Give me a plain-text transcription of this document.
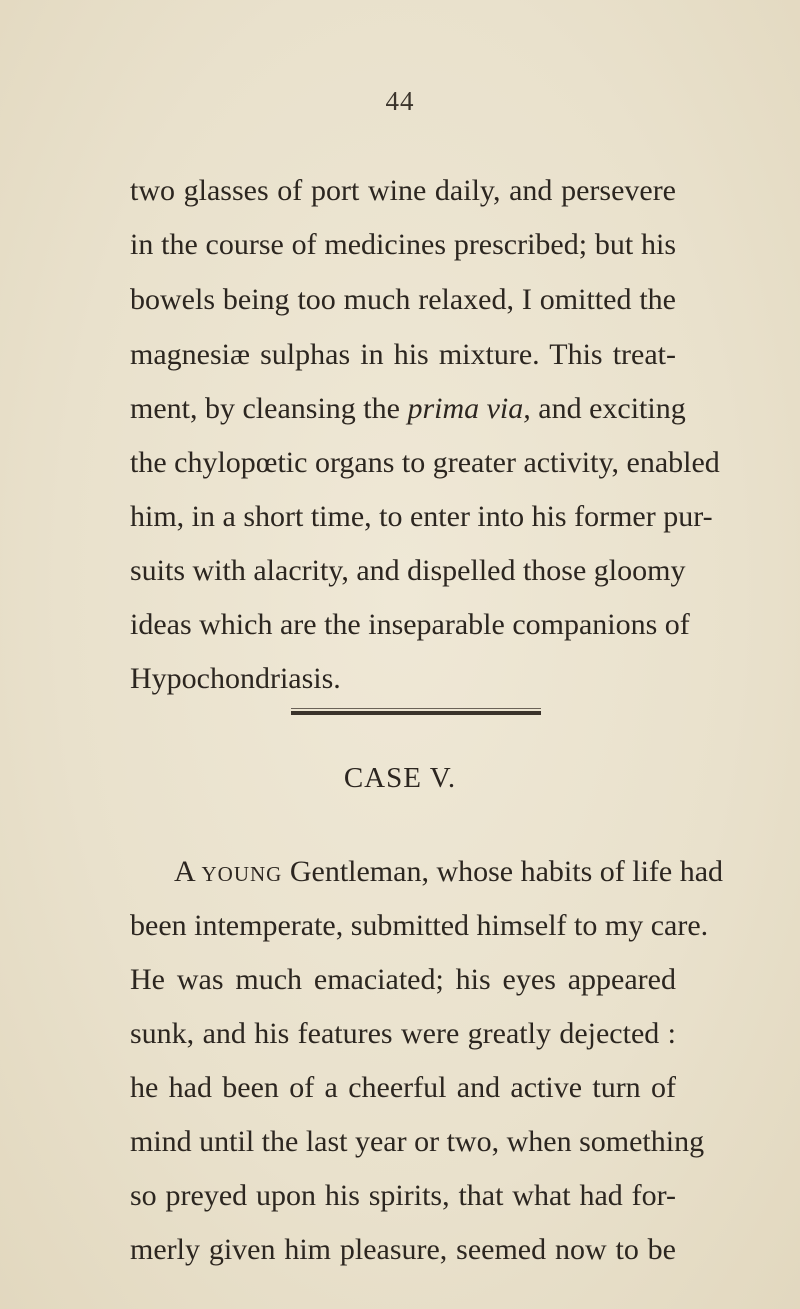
44
two glasses of port wine daily, and persevere
in the course of medicines prescribed; but his
bowels being too much relaxed, I omitted the
magnesiæ sulphas in his mixture. This treat-
ment, by cleansing the prima via, and exciting
the chylopœtic organs to greater activity, enabled
him, in a short time, to enter into his former pur-
suits with alacrity, and dispelled those gloomy
ideas which are the inseparable companions of
Hypochondriasis.
CASE V.
A young Gentleman, whose habits of life had
been intemperate, submitted himself to my care.
He was much emaciated; his eyes appeared
sunk, and his features were greatly dejected :
he had been of a cheerful and active turn of
mind until the last year or two, when something
so preyed upon his spirits, that what had for-
merly given him pleasure, seemed now to be
